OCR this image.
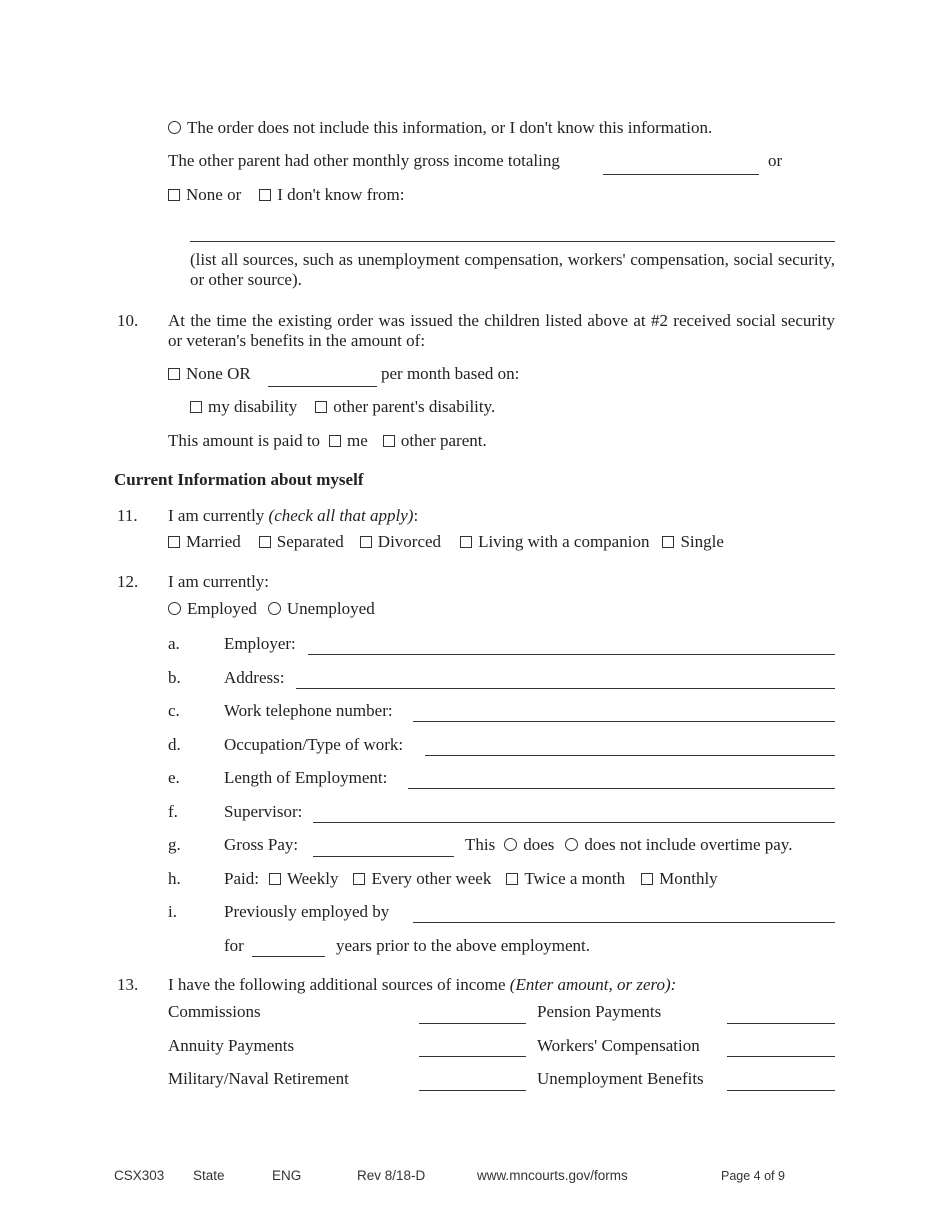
The order does not include this information, or I don't know this information.
The other parent had other monthly gross income totaling	or
None or I don't know from:
(list all sources, such as unemployment compensation, workers' compensation, social security, or other source).
10. At the time the existing order was issued the children listed above at #2 received social security or veteran's benefits in the amount of:
None OR	per month based on:
my disability other parent's disability.
This amount is paid to me other parent.
Current Information about myself
11. I am currently (check all that apply):
Married Separated Divorced Living with a companion Single
12. I am currently:
Employed Unemployed
a.	Employer:
b.	Address:
c.	Work telephone number:
d.	Occupation/Type of work:
e.	Length of Employment:
f.	Supervisor:
g.	Gross Pay:	This does does not include overtime pay.
h.	Paid: Weekly Every other week Twice a month Monthly
i.	Previously employed by
for	years prior to the above employment.
13. I have the following additional sources of income (Enter amount, or zero):
Commissions	Pension Payments
Annuity Payments	Workers' Compensation
Military/Naval Retirement	Unemployment Benefits
CSX303 State	ENG	Rev 8/18-D	www.mncourts.gov/forms	Page 4 of 9
